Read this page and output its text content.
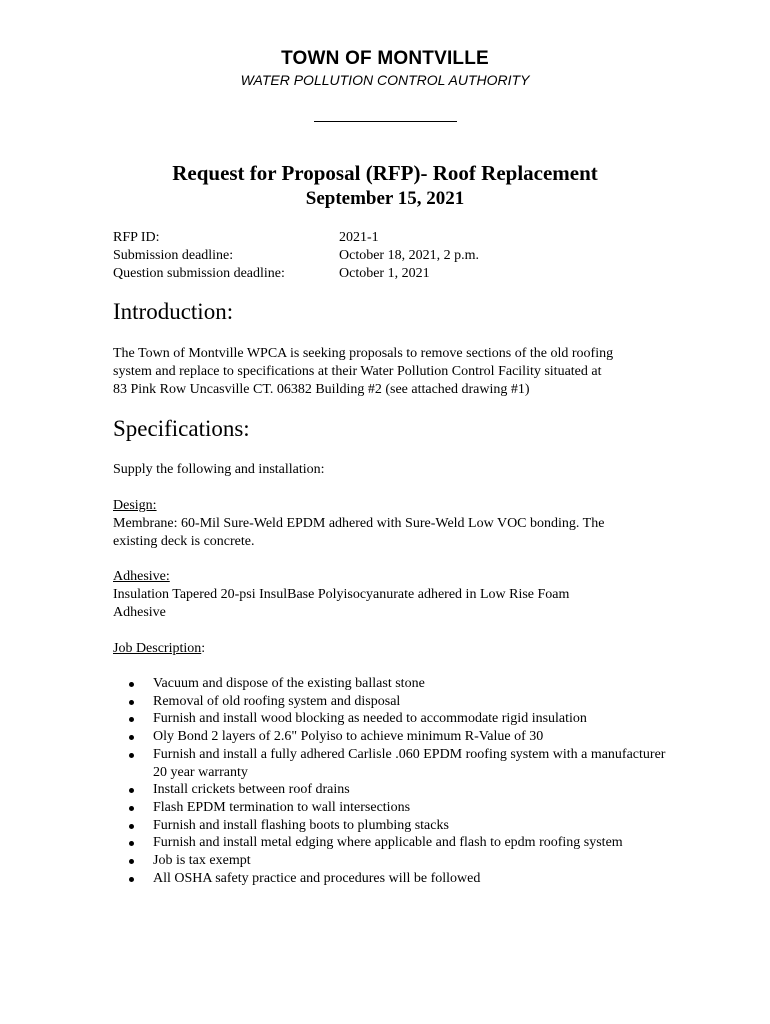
TOWN OF MONTVILLE
WATER POLLUTION CONTROL AUTHORITY
Request for Proposal (RFP)- Roof Replacement
September 15, 2021
RFP ID:	2021-1
Submission deadline:	October 18, 2021, 2 p.m.
Question submission deadline:	October 1, 2021
Introduction:
The Town of Montville WPCA is seeking proposals to remove sections of the old roofing
system and replace to specifications at their Water Pollution Control Facility situated at
83 Pink Row Uncasville CT. 06382 Building #2 (see attached drawing #1)
Specifications:
Supply the following and installation:
Design:
Membrane: 60-Mil Sure-Weld EPDM adhered with Sure-Weld Low VOC bonding. The
existing deck is concrete.
Adhesive:
Insulation Tapered 20-psi InsulBase Polyisocyanurate adhered in Low Rise Foam
Adhesive
Job Description:
Vacuum and dispose of the existing ballast stone
Removal of old roofing system and disposal
Furnish and install wood blocking as needed to accommodate rigid insulation
Oly Bond 2 layers of 2.6" Polyiso to achieve minimum R-Value of 30
Furnish and install a fully adhered Carlisle .060 EPDM roofing system with a manufacturer 20 year warranty
Install crickets between roof drains
Flash EPDM termination to wall intersections
Furnish and install flashing boots to plumbing stacks
Furnish and install metal edging where applicable and flash to epdm roofing system
Job is tax exempt
All OSHA safety practice and procedures will be followed
